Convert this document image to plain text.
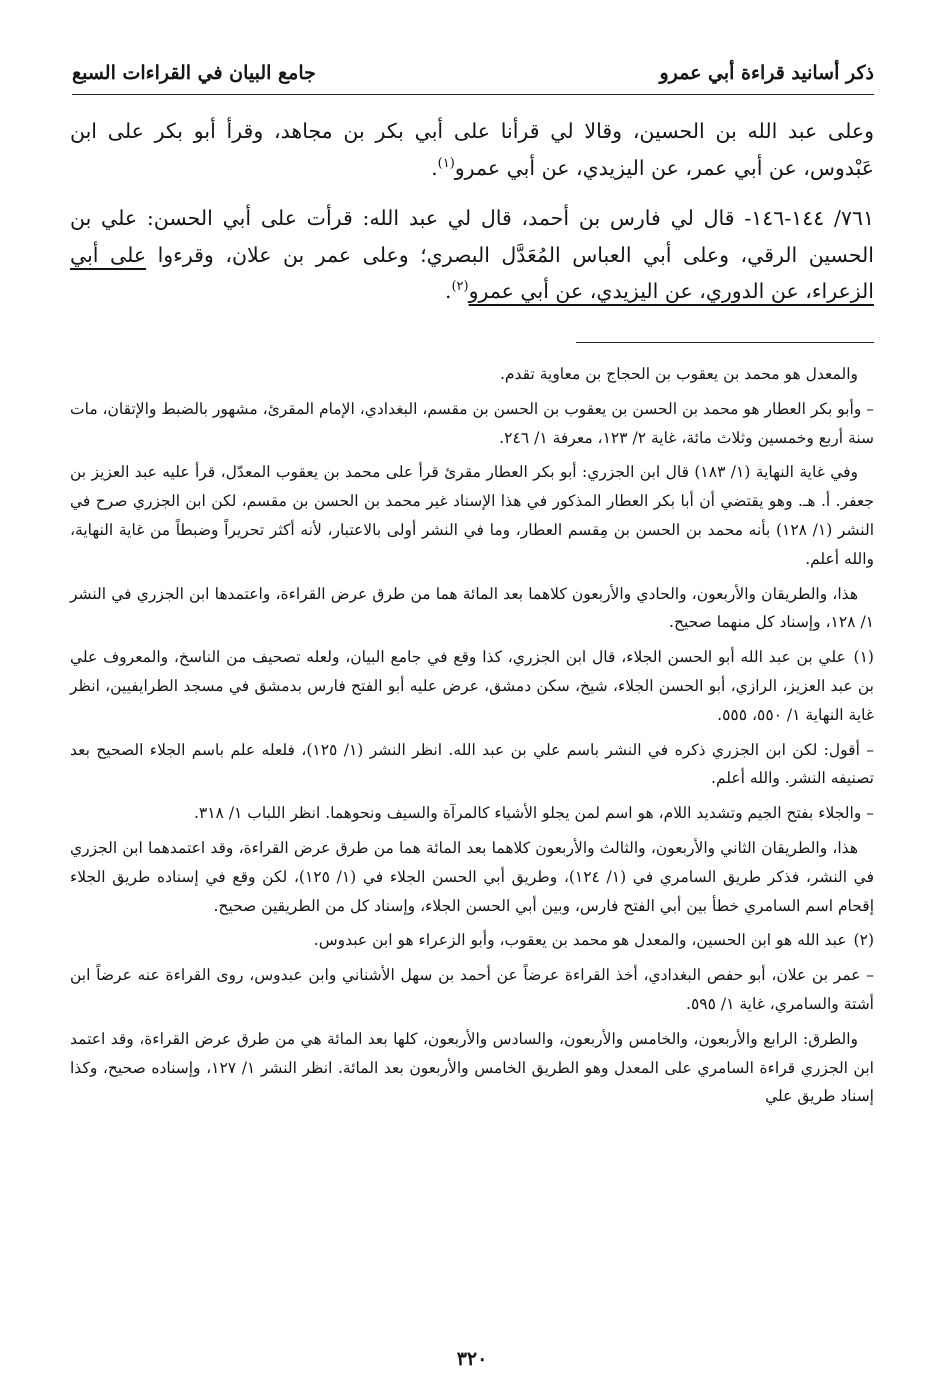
ذكر أسانيد قراءة أبي عمرو
جامع البيان في القراءات السبع

وعلى عبد الله بن الحسين، وقالا لي قرأنا على أبي بكر بن مجاهد، وقرأ أبو بكر على ابن عَبْدوس، عن أبي عمر، عن اليزيدي، عن أبي عمرو$^{(١)}$.

٧٦١/ ١٤٤-١٤٦- قال لي فارس بن أحمد، قال لي عبد الله: قرأت على أبي الحسن: علي بن الحسين الرقي، وعلى أبي العباس المُعَدَّل البصري؛ وعلى عمر بن علان، وقرءوا على أبي الزعراء، عن الدوري، عن اليزيدي، عن أبي عمرو$^{(٢)}$.

والمعدل هو محمد بن يعقوب بن الحجاج بن معاوية تقدم.

– وأبو بكر العطار هو محمد بن الحسن بن يعقوب بن الحسن بن مقسم، البغدادي، الإمام المقرئ، مشهور بالضبط والإتقان، مات سنة أربع وخمسين وثلاث مائة، غاية ٢/ ١٢٣، معرفة ١/ ٢٤٦.

وفي غاية النهاية (١/ ١٨٣) قال ابن الجزري: أبو بكر العطار مقرئ قرأ على محمد بن يعقوب المعدّل، قرأ عليه عبد العزيز بن جعفر. أ. هـ. وهو يقتضي أن أبا بكر العطار المذكور في هذا الإسناد غير محمد بن الحسن بن مقسم، لكن ابن الجزري صرح في النشر (١/ ١٢٨) بأنه محمد بن الحسن بن مِقسم العطار، وما في النشر أولى بالاعتبار، لأنه أكثر تحريراً وضبطاً من غاية النهاية، والله أعلم.

هذا، والطريقان والأربعون، والحادي والأربعون كلاهما بعد المائة هما من طرق عرض القراءة، واعتمدها ابن الجزري في النشر ١/ ١٢٨، وإسناد كل منهما صحيح.

(١) علي بن عبد الله أبو الحسن الجلاء، قال ابن الجزري، كذا وقع في جامع البيان، ولعله تصحيف من الناسخ، والمعروف علي بن عبد العزيز، الرازي، أبو الحسن الجلاء، شيخ، سكن دمشق، عرض عليه أبو الفتح فارس بدمشق في مسجد الطرايفيين، انظر غاية النهاية ١/ ٥٥٠، ٥٥٥.

– أقول: لكن ابن الجزري ذكره في النشر باسم علي بن عبد الله. انظر النشر (١/ ١٢٥)، فلعله علم باسم الجلاء الصحيح بعد تصنيفه النشر. والله أعلم.

– والجلاء بفتح الجيم وتشديد اللام، هو اسم لمن يجلو الأشياء كالمرآة والسيف ونحوهما. انظر اللباب ١/ ٣١٨.

هذا، والطريقان الثاني والأربعون، والثالث والأربعون كلاهما بعد المائة هما من طرق عرض القراءة، وقد اعتمدهما ابن الجزري في النشر، فذكر طريق السامري في (١/ ١٢٤)، وطريق أبي الحسن الجلاء في (١/ ١٢٥)، لكن وقع في إسناده طريق الجلاء إقحام اسم السامري خطأ بين أبي الفتح فارس، وبين أبي الحسن الجلاء، وإسناد كل من الطريقين صحيح.

(٢) عبد الله هو ابن الحسين، والمعدل هو محمد بن يعقوب، وأبو الزعراء هو ابن عبدوس.

– عمر بن علان، أبو حفص البغدادي، أخذ القراءة عرضاً عن أحمد بن سهل الأشناني وابن عبدوس، روى القراءة عنه عرضاً ابن أشتة والسامري، غاية ١/ ٥٩٥.

والطرق: الرابع والأربعون، والخامس والأربعون، والسادس والأربعون، كلها بعد المائة هي من طرق عرض القراءة، وقد اعتمد ابن الجزري قراءة السامري على المعدل وهو الطريق الخامس والأربعون بعد المائة. انظر النشر ١/ ١٢٧، وإسناده صحيح، وكذا إسناد طريق علي

٣٢٠
